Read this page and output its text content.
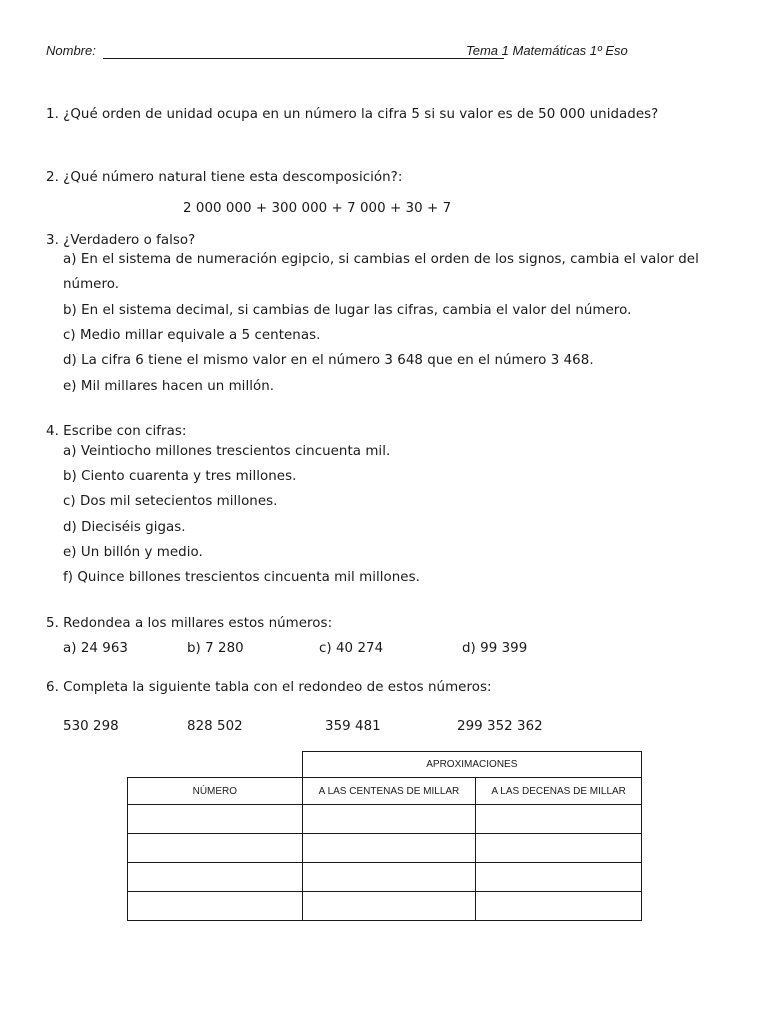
Nombre:	Tema 1 Matemáticas 1º Eso
1. ¿Qué orden de unidad ocupa en un número la cifra 5 si su valor es de 50 000 unidades?
2. ¿Qué número natural tiene esta descomposición?:
2 000 000 + 300 000 + 7 000 + 30 + 7
3. ¿Verdadero o falso?
a) En el sistema de numeración egipcio, si cambias el orden de los signos, cambia el valor del
número.
b) En el sistema decimal, si cambias de lugar las cifras, cambia el valor del número.
c) Medio millar equivale a 5 centenas.
d) La cifra 6 tiene el mismo valor en el número 3 648 que en el número 3 468.
e) Mil millares hacen un millón.
4. Escribe con cifras:
a) Veintiocho millones trescientos cincuenta mil.
b) Ciento cuarenta y tres millones.
c) Dos mil setecientos millones.
d) Dieciséis gigas.
e) Un billón y medio.
f) Quince billones trescientos cincuenta mil millones.
5. Redondea a los millares estos números:
a) 24 963	b) 7 280	c) 40 274	d) 99 399
6. Completa la siguiente tabla con el redondeo de estos números:
530 298	828 502	359 481	299 352 362
	APROXIMACIONES	
NÚMERO	A LAS CENTENAS DE MILLAR	A LAS DECENAS DE MILLAR
